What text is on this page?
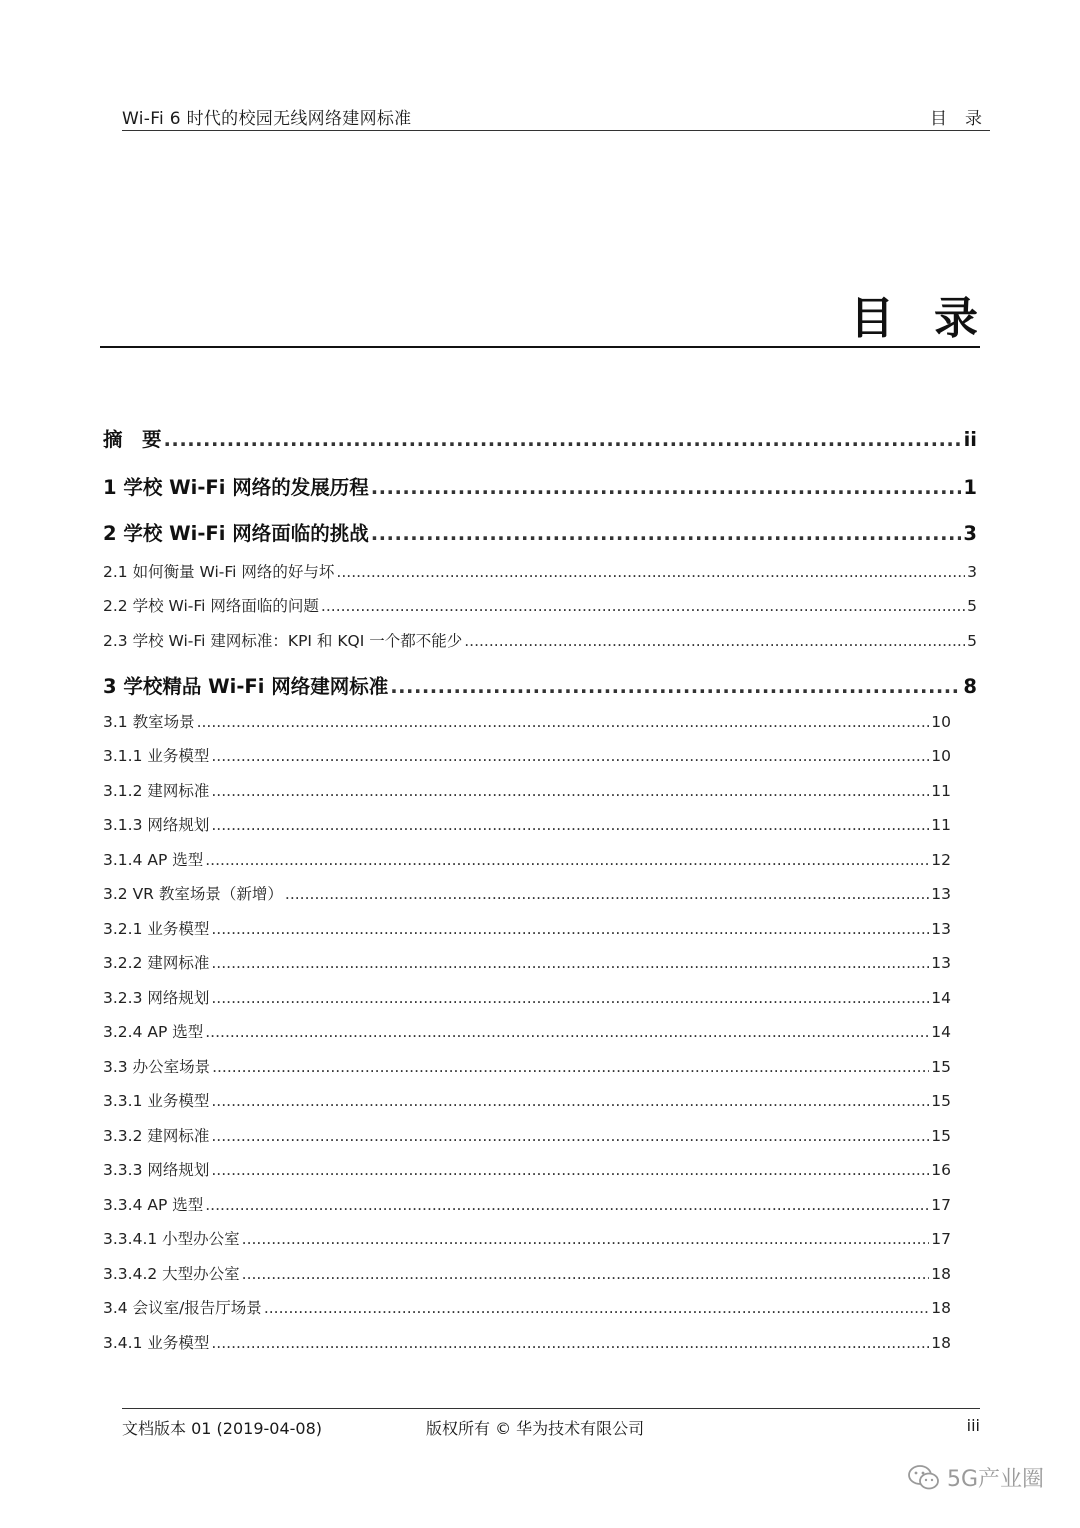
Wi-Fi 6 时代的校园无线网络建网标准	目录
目录
摘　要 .....	ii
1 学校 Wi-Fi 网络的发展历程 .....	1
2 学校 Wi-Fi 网络面临的挑战 .....	3
2.1 如何衡量 Wi-Fi 网络的好与坏 .....	3
2.2 学校 Wi-Fi 网络面临的问题 .....	5
2.3 学校 Wi-Fi 建网标准：KPI 和 KQI 一个都不能少 .....	5
3 学校精品 Wi-Fi 网络建网标准 .....	8
3.1 教室场景 .....	10
3.1.1 业务模型 .....	10
3.1.2 建网标准 .....	11
3.1.3 网络规划 .....	11
3.1.4 AP 选型 .....	12
3.2 VR 教室场景（新增） .....	13
3.2.1 业务模型 .....	13
3.2.2 建网标准 .....	13
3.2.3 网络规划 .....	14
3.2.4 AP 选型 .....	14
3.3 办公室场景 .....	15
3.3.1 业务模型 .....	15
3.3.2 建网标准 .....	15
3.3.3 网络规划 .....	16
3.3.4 AP 选型 .....	17
3.3.4.1 小型办公室 .....	17
3.3.4.2 大型办公室 .....	18
3.4 会议室/报告厅场景 .....	18
3.4.1 业务模型 .....	18
文档版本 01 (2019-04-08)	版权所有 © 华为技术有限公司	iii
5G产业圈
